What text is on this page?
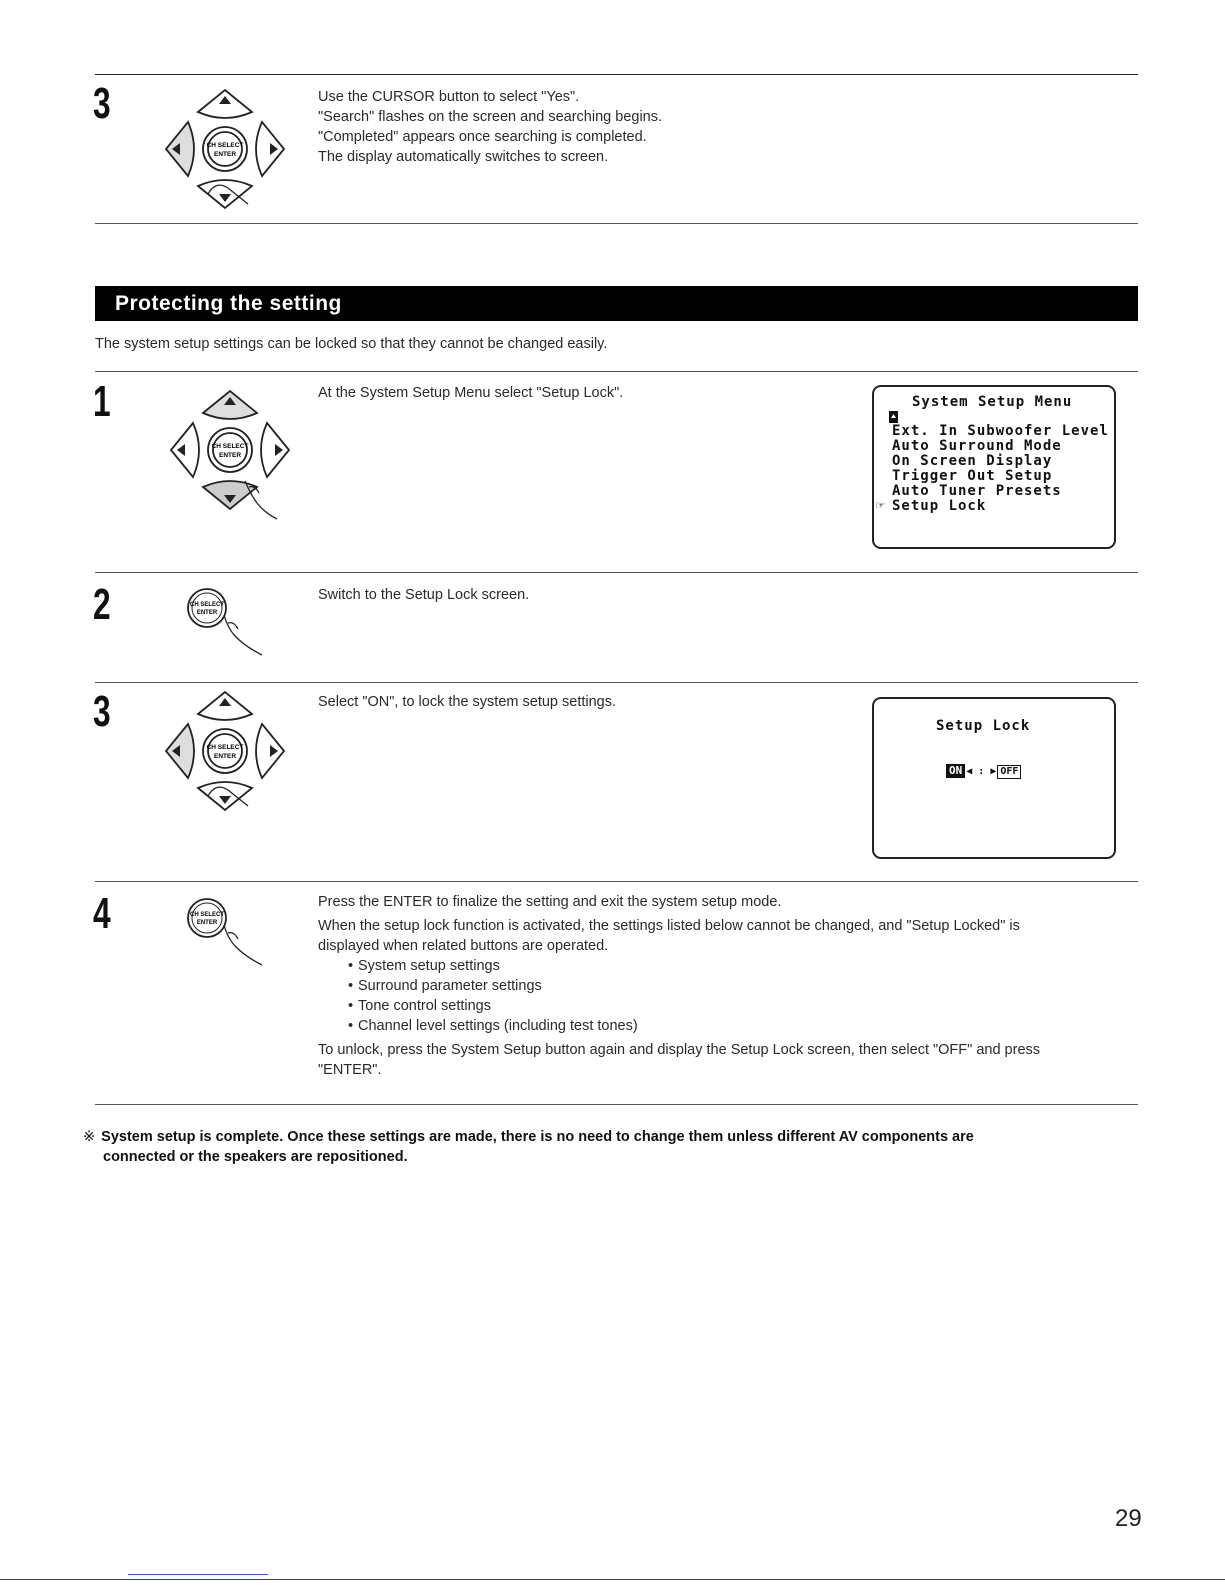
3
CH SELECT
ENTER
Use the CURSOR button to select "Yes".
"Search" flashes on the screen and searching begins.
"Completed" appears once searching is completed.
The display automatically switches to screen.
Protecting the setting
The system setup settings can be locked so that they cannot be changed easily.
1
CH SELECT
ENTER
At the System Setup Menu select "Setup Lock".
System Setup Menu
Ext. In Subwoofer Level
Auto Surround Mode
On Screen Display
Trigger Out Setup
Auto Tuner Presets
☞ Setup Lock
2	CH SELECT
ENTER
Switch to the Setup Lock screen.
3
CH SELECT
ENTER
Select "ON", to lock the system setup settings.
Setup Lock
ON ◀ : ▶ OFF
4	CH SELECT
ENTER
Press the ENTER to finalize the setting and exit the system setup mode.
When the setup lock function is activated, the settings listed below cannot be changed, and "Setup Locked" is
displayed when related buttons are operated.
• System setup settings
• Surround parameter settings
• Tone control settings
• Channel level settings (including test tones)
To unlock, press the System Setup button again and display the Setup Lock screen, then select "OFF" and press
"ENTER".
※ System setup is complete. Once these settings are made, there is no need to change them unless different AV components are
connected or the speakers are repositioned.
29
